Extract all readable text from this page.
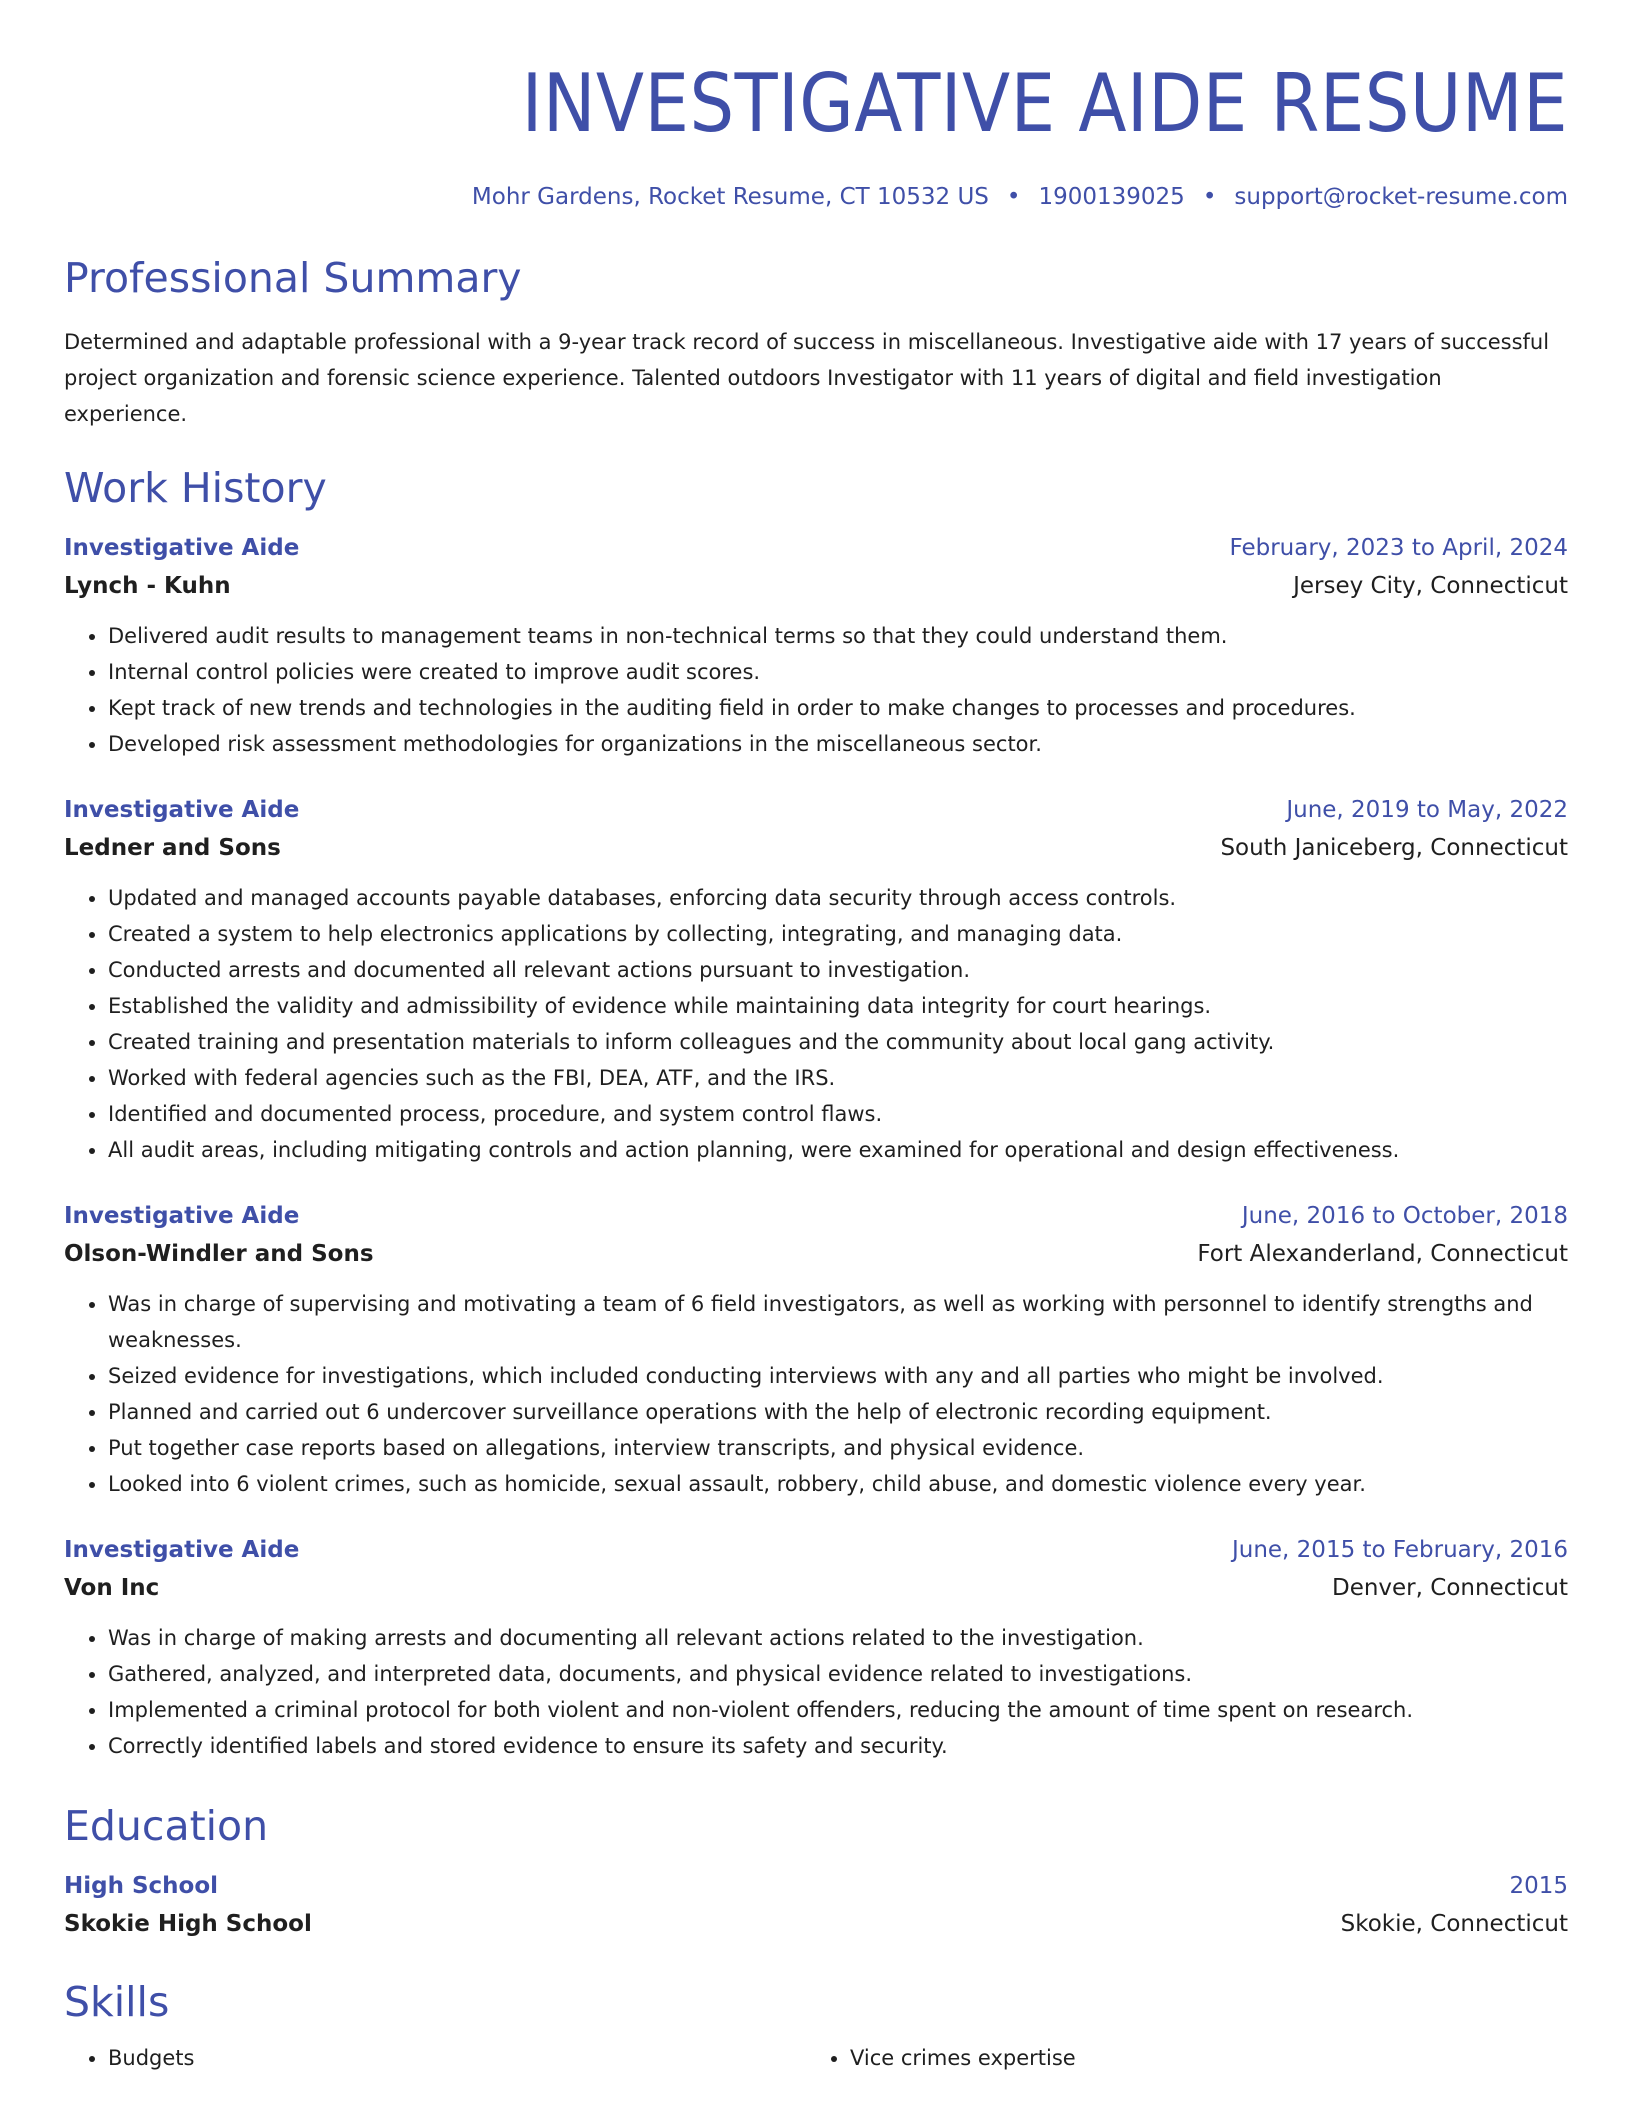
INVESTIGATIVE AIDE RESUME
Mohr Gardens, Rocket Resume, CT 10532 US • 1900139025 • support@rocket-resume.com
Professional Summary
Determined and adaptable professional with a 9-year track record of success in miscellaneous. Investigative aide with 17 years of successful project organization and forensic science experience. Talented outdoors Investigator with 11 years of digital and field investigation experience.
Work History
Investigative Aide	February, 2023 to April, 2024
Lynch - Kuhn	Jersey City, Connecticut
• Delivered audit results to management teams in non-technical terms so that they could understand them.
• Internal control policies were created to improve audit scores.
• Kept track of new trends and technologies in the auditing field in order to make changes to processes and procedures.
• Developed risk assessment methodologies for organizations in the miscellaneous sector.
Investigative Aide	June, 2019 to May, 2022
Ledner and Sons	South Janiceberg, Connecticut
• Updated and managed accounts payable databases, enforcing data security through access controls.
• Created a system to help electronics applications by collecting, integrating, and managing data.
• Conducted arrests and documented all relevant actions pursuant to investigation.
• Established the validity and admissibility of evidence while maintaining data integrity for court hearings.
• Created training and presentation materials to inform colleagues and the community about local gang activity.
• Worked with federal agencies such as the FBI, DEA, ATF, and the IRS.
• Identified and documented process, procedure, and system control flaws.
• All audit areas, including mitigating controls and action planning, were examined for operational and design effectiveness.
Investigative Aide	June, 2016 to October, 2018
Olson-Windler and Sons	Fort Alexanderland, Connecticut
• Was in charge of supervising and motivating a team of 6 field investigators, as well as working with personnel to identify strengths and weaknesses.
• Seized evidence for investigations, which included conducting interviews with any and all parties who might be involved.
• Planned and carried out 6 undercover surveillance operations with the help of electronic recording equipment.
• Put together case reports based on allegations, interview transcripts, and physical evidence.
• Looked into 6 violent crimes, such as homicide, sexual assault, robbery, child abuse, and domestic violence every year.
Investigative Aide	June, 2015 to February, 2016
Von Inc	Denver, Connecticut
• Was in charge of making arrests and documenting all relevant actions related to the investigation.
• Gathered, analyzed, and interpreted data, documents, and physical evidence related to investigations.
• Implemented a criminal protocol for both violent and non-violent offenders, reducing the amount of time spent on research.
• Correctly identified labels and stored evidence to ensure its safety and security.
Education
High School	2015
Skokie High School	Skokie, Connecticut
Skills
• Budgets
•	Vice crimes expertise
